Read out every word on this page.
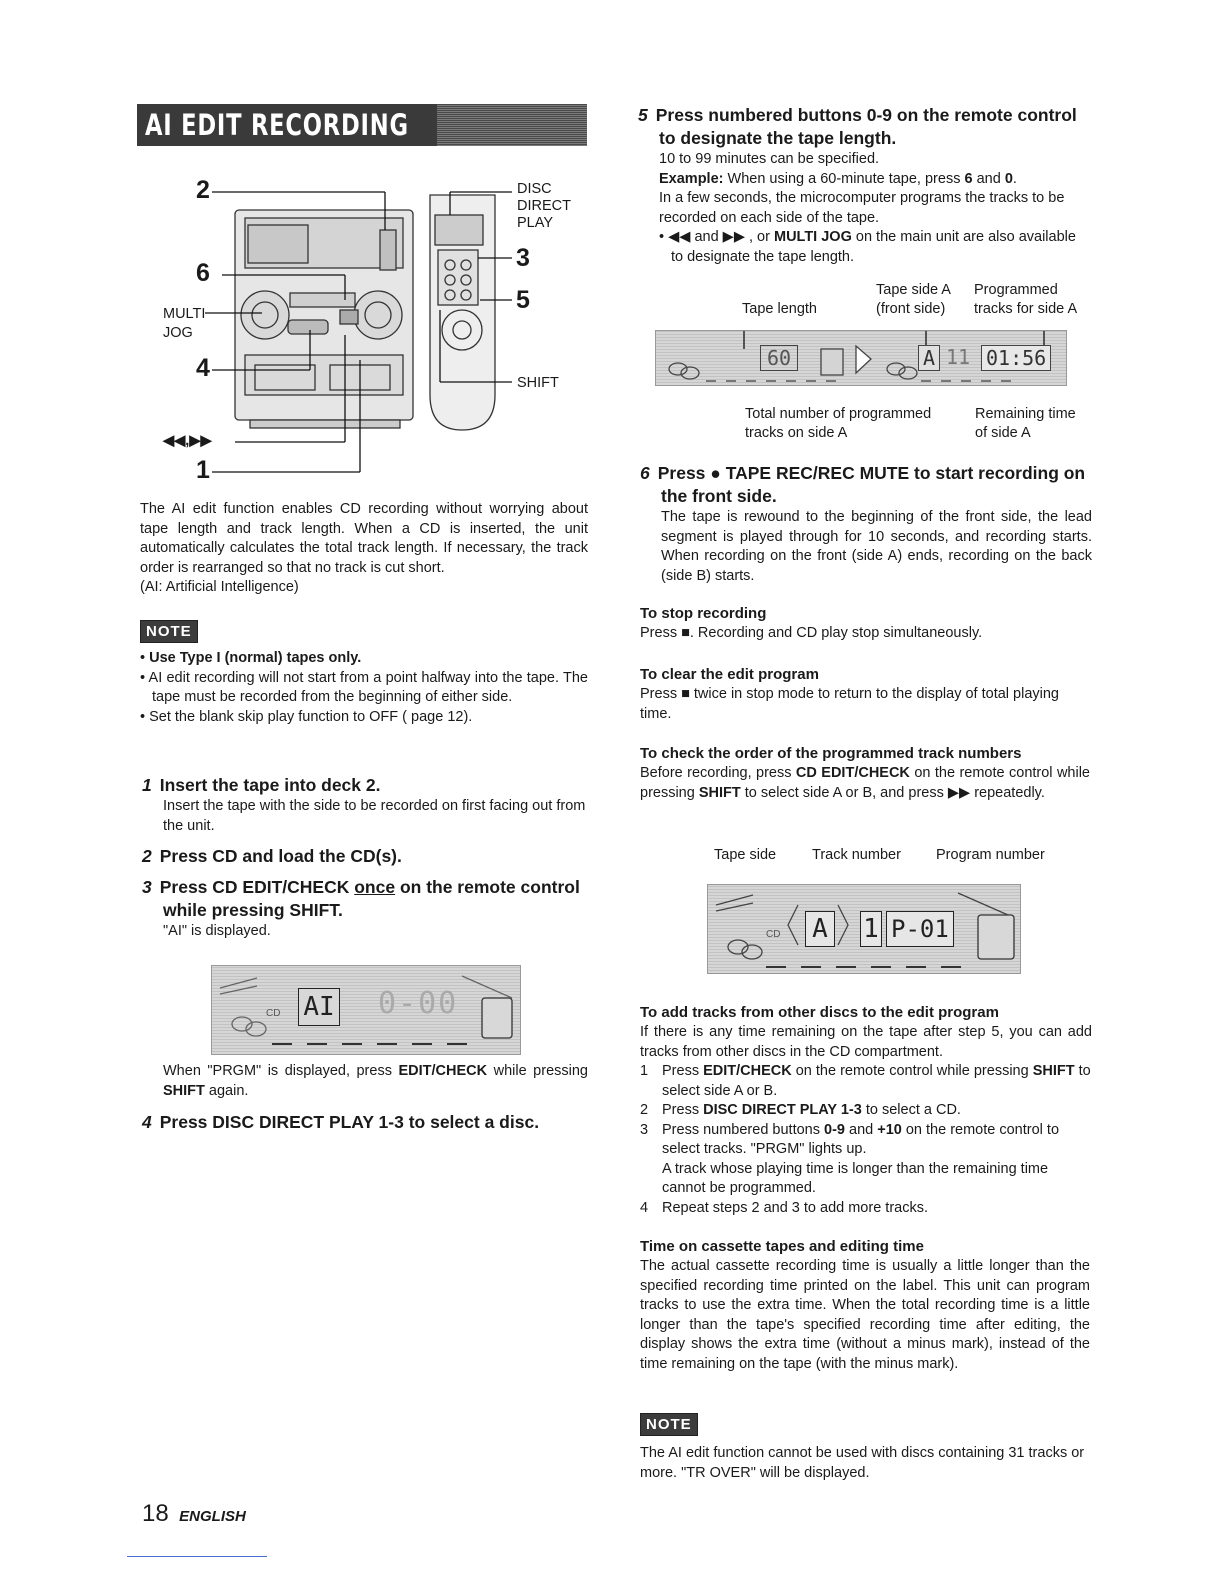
AI EDIT RECORDING
2
6
4
1
3
5
MULTI
JOG
◀◀,▶▶
DISC
DIRECT
PLAY
SHIFT

The AI edit function enables CD recording without worrying about tape length and track length. When a CD is inserted, the unit automatically calculates the total track length. If necessary, the track order is rearranged so that no track is cut short.

(AI: Artificial Intelligence)

NOTE
• Use Type I (normal) tapes only.
• AI edit recording will not start from a point halfway into the tape. The tape must be recorded from the beginning of either side.
• Set the blank skip play function to OFF ( page 12).

1 Insert the tape into deck 2.

Insert the tape with the side to be recorded on first facing out from the unit.

2 Press CD and load the CD(s).

3 Press CD EDIT/CHECK once on the remote control while pressing SHIFT.

"AI" is displayed.

CD AI 0-00
When "PRGM" is displayed, press EDIT/CHECK while pressing SHIFT again.

4 Press DISC DIRECT PLAY 1-3 to select a disc.

18 ENGLISH

5 Press numbered buttons 0-9 on the remote control to designate the tape length.

10 to 99 minutes can be specified.

Example: When using a 60-minute tape, press 6 and 0.

In a few seconds, the microcomputer programs the tracks to be recorded on each side of the tape.

• ◀◀ and ▶▶ , or MULTI JOG on the main unit are also available to designate the tape length.
Tape length
Tape side A
(front side)
Programmed
tracks for side A
60	A 11 01:56
Total number of programmed
tracks on side A
Remaining time
of side A

6 Press ● TAPE REC/REC MUTE to start recording on the front side.

The tape is rewound to the beginning of the front side, the lead segment is played through for 10 seconds, and recording starts. When recording on the front (side A) ends, recording on the back (side B) starts.

To stop recording

Press ■. Recording and CD play stop simultaneously.

To clear the edit program

Press ■ twice in stop mode to return to the display of total playing time.

To check the order of the programmed track numbers

Before recording, press CD EDIT/CHECK on the remote control while pressing SHIFT to select side A or B, and press ▶▶ repeatedly.

Tape side Track number Program number
CD A 1 P-01

To add tracks from other discs to the edit program

If there is any time remaining on the tape after step 5, you can add tracks from other discs in the CD compartment.

1 Press EDIT/CHECK on the remote control while pressing SHIFT to select side A or B.
2 Press DISC DIRECT PLAY 1-3 to select a CD.
3 Press numbered buttons 0-9 and +10 on the remote control to select tracks. "PRGM" lights up.
A track whose playing time is longer than the remaining time cannot be programmed.
4 Repeat steps 2 and 3 to add more tracks.

Time on cassette tapes and editing time

The actual cassette recording time is usually a little longer than the specified recording time printed on the label. This unit can program tracks to use the extra time. When the total recording time is a little longer than the tape's specified recording time after editing, the display shows the extra time (without a minus mark), instead of the time remaining on the tape (with the minus mark).

NOTE

The AI edit function cannot be used with discs containing 31 tracks or more. "TR OVER" will be displayed.
